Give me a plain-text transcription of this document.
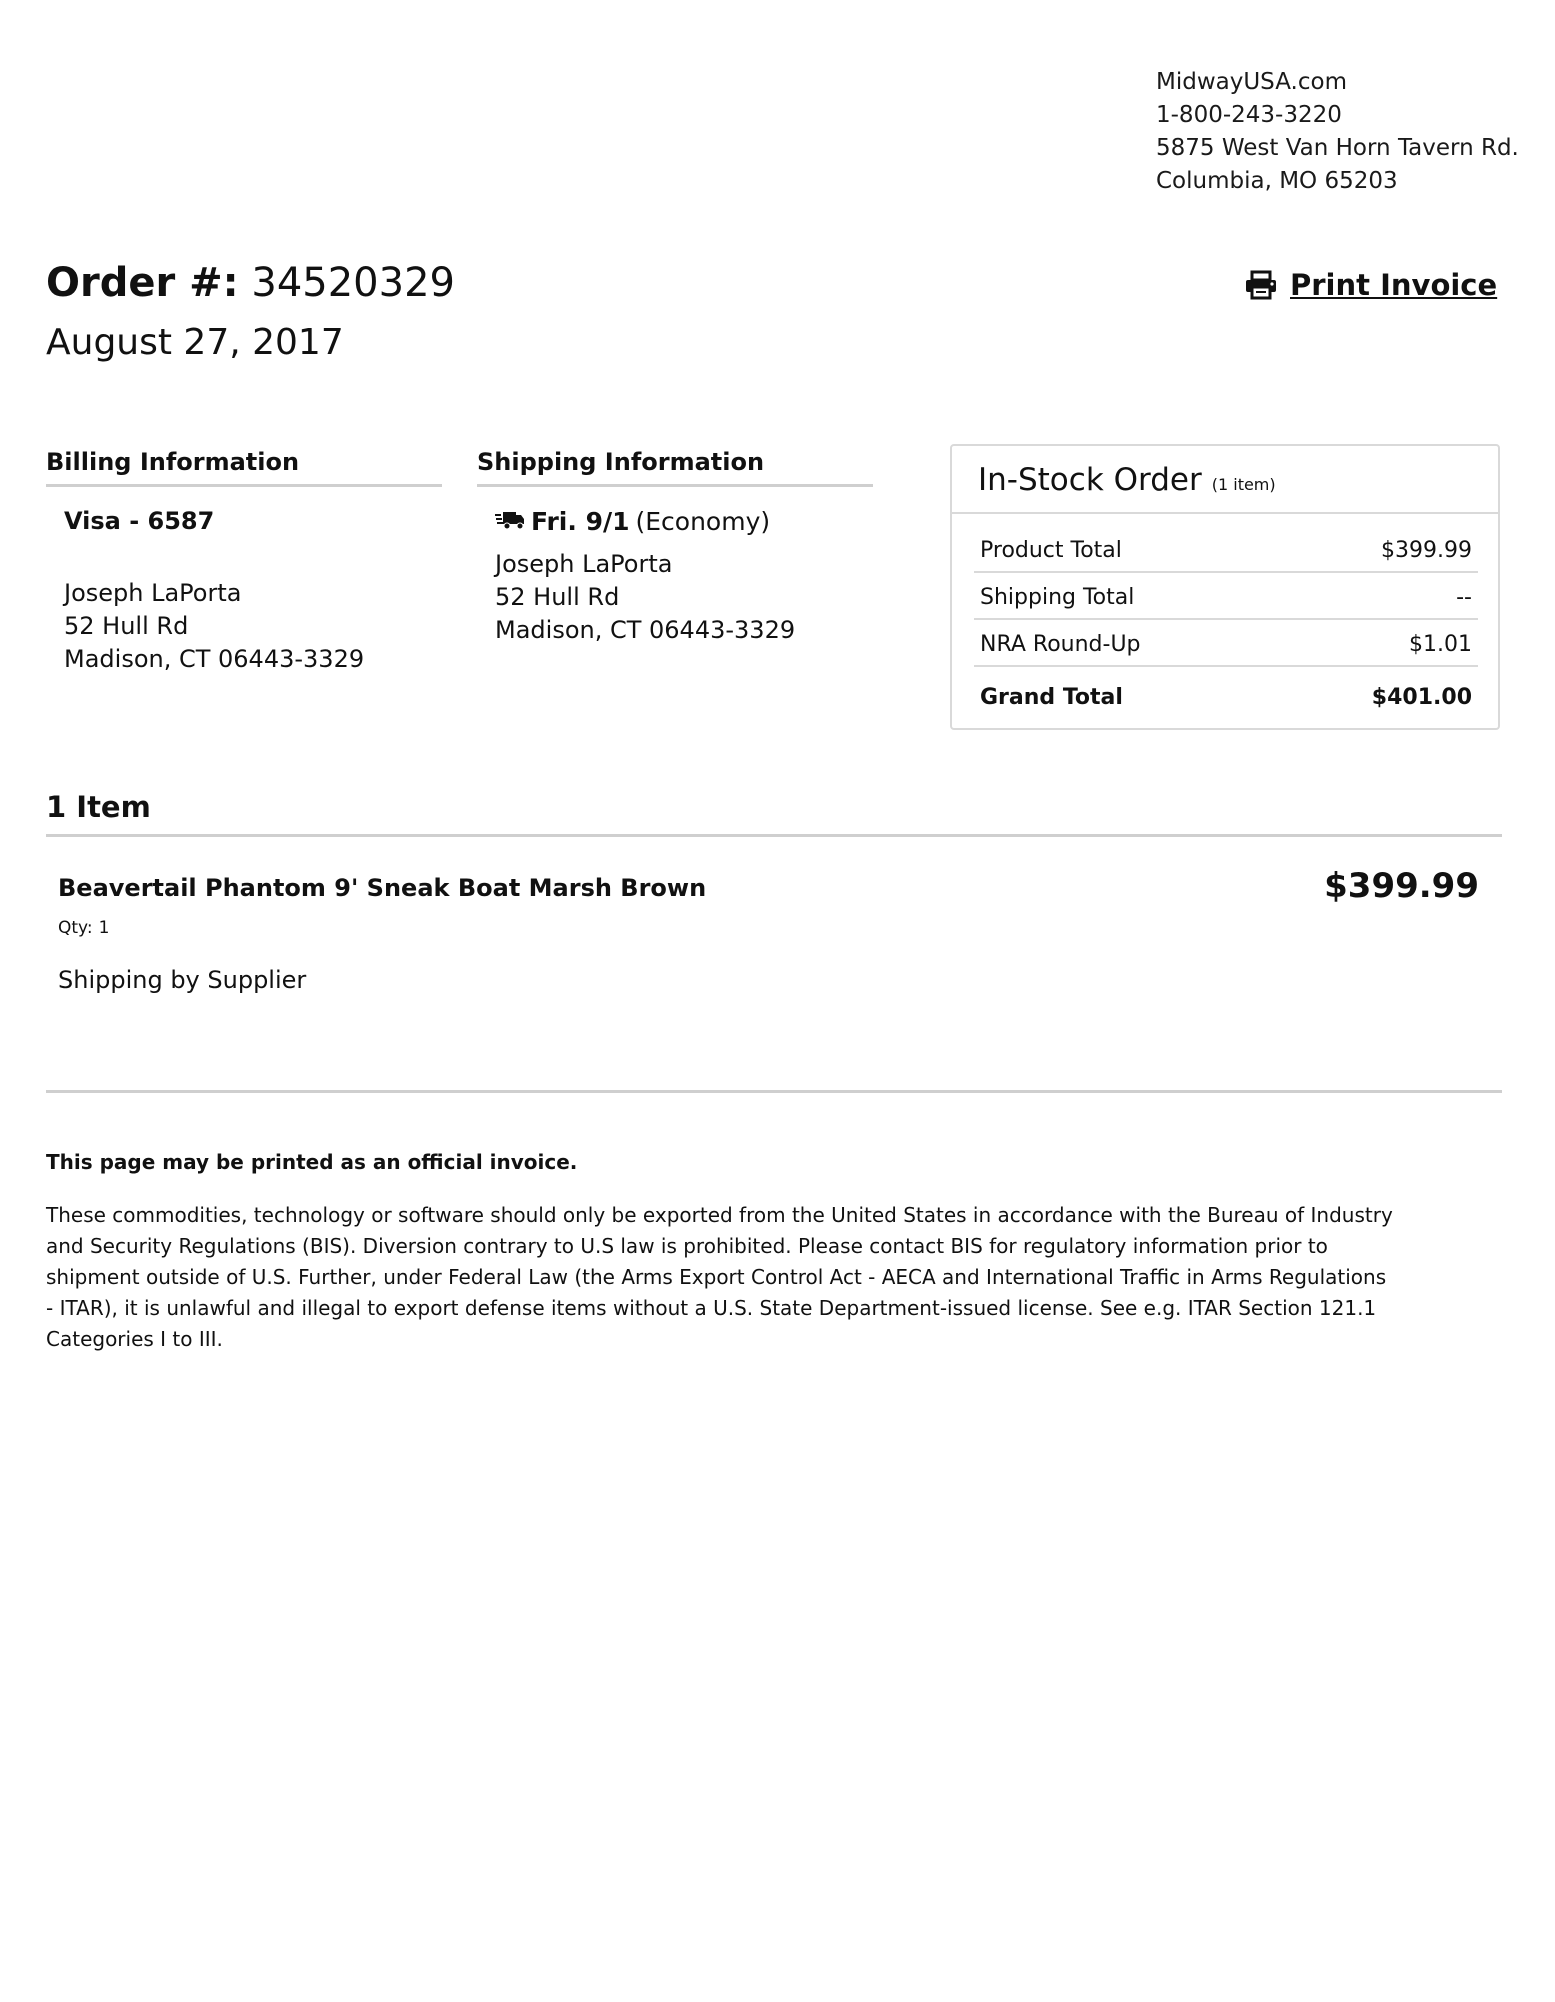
MidwayUSA.com
1-800-243-3220
5875 West Van Horn Tavern Rd.
Columbia, MO 65203
Order #: 34520329
August 27, 2017
Print Invoice
Billing Information
Visa - 6587
Joseph LaPorta
52 Hull Rd
Madison, CT 06443-3329
Shipping Information
Fri. 9/1 (Economy)
Joseph LaPorta
52 Hull Rd
Madison, CT 06443-3329
In-Stock Order (1 item)
Product Total	$399.99
Shipping Total	--
NRA Round-Up	$1.01
Grand Total	$401.00
1 Item
Beavertail Phantom 9' Sneak Boat Marsh Brown	$399.99
Qty: 1
Shipping by Supplier
This page may be printed as an official invoice.
These commodities, technology or software should only be exported from the United States in accordance with the Bureau of Industry
and Security Regulations (BIS). Diversion contrary to U.S law is prohibited. Please contact BIS for regulatory information prior to
shipment outside of U.S. Further, under Federal Law (the Arms Export Control Act - AECA and International Traffic in Arms Regulations
- ITAR), it is unlawful and illegal to export defense items without a U.S. State Department-issued license. See e.g. ITAR Section 121.1
Categories I to III.
